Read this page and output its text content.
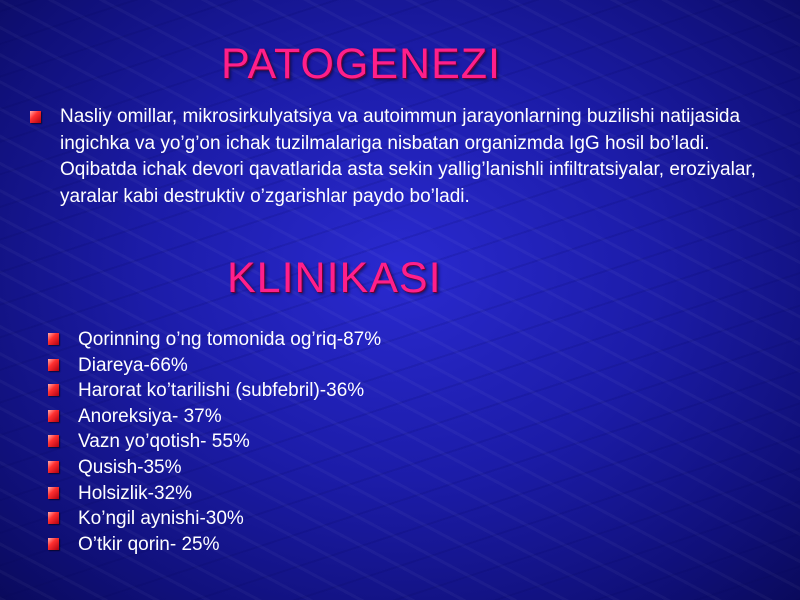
PATOGENEZI

Nasliy omillar, mikrosirkulyatsiya va autoimmun jarayonlarning buzilishi natijasida ingichka va yo’g’on ichak tuzilmalariga nisbatan organizmda IgG hosil bo’ladi. Oqibatda ichak devori qavatlarida asta sekin yallig’lanishli infiltratsiyalar, eroziyalar, yaralar kabi destruktiv o’zgarishlar paydo bo’ladi.

KLINIKASI
Qorinning o’ng tomonida og’riq-87%
Diareya-66%
Harorat ko’tarilishi (subfebril)-36%
Anoreksiya- 37%
Vazn yo’qotish- 55%
Qusish-35%
Holsizlik-32%
Ko’ngil aynishi-30%
O’tkir qorin- 25%
